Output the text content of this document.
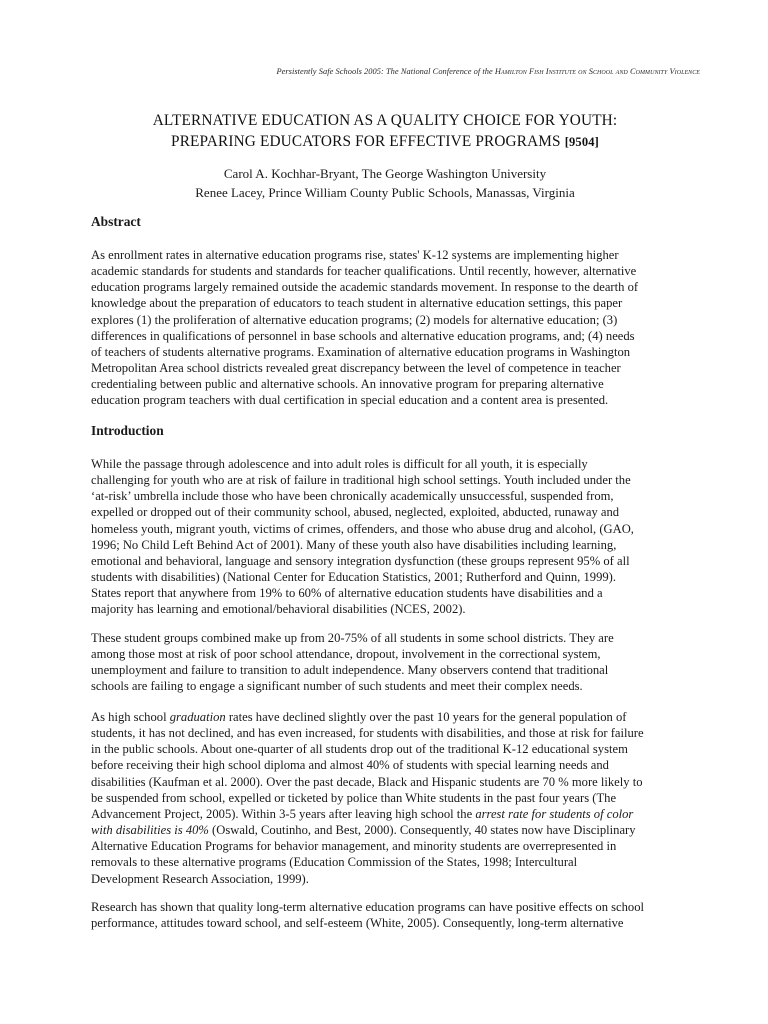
Persistently Safe Schools 2005: The National Conference of the Hamilton Fish Institute on School and Community Violence
ALTERNATIVE EDUCATION AS A QUALITY CHOICE FOR YOUTH:
PREPARING EDUCATORS FOR EFFECTIVE PROGRAMS [9504]
Carol A. Kochhar-Bryant, The George Washington University
Renee Lacey, Prince William County Public Schools, Manassas, Virginia
Abstract

As enrollment rates in alternative education programs rise, states' K-12 systems are implementing higher
academic standards for students and standards for teacher qualifications. Until recently, however, alternative
education programs largely remained outside the academic standards movement. In response to the dearth of
knowledge about the preparation of educators to teach student in alternative education settings, this paper
explores (1) the proliferation of alternative education programs; (2) models for alternative education; (3)
differences in qualifications of personnel in base schools and alternative education programs, and; (4) needs
of teachers of students alternative programs. Examination of alternative education programs in Washington
Metropolitan Area school districts revealed great discrepancy between the level of competence in teacher
credentialing between public and alternative schools. An innovative program for preparing alternative
education program teachers with dual certification in special education and a content area is presented.

Introduction

While the passage through adolescence and into adult roles is difficult for all youth, it is especially
challenging for youth who are at risk of failure in traditional high school settings. Youth included under the
‘at-risk’ umbrella include those who have been chronically academically unsuccessful, suspended from,
expelled or dropped out of their community school, abused, neglected, exploited, abducted, runaway and
homeless youth, migrant youth, victims of crimes, offenders, and those who abuse drug and alcohol, (GAO,
1996; No Child Left Behind Act of 2001). Many of these youth also have disabilities including learning,
emotional and behavioral, language and sensory integration dysfunction (these groups represent 95% of all
students with disabilities) (National Center for Education Statistics, 2001; Rutherford and Quinn, 1999).
States report that anywhere from 19% to 60% of alternative education students have disabilities and a
majority has learning and emotional/behavioral disabilities (NCES, 2002).

These student groups combined make up from 20-75% of all students in some school districts. They are
among those most at risk of poor school attendance, dropout, involvement in the correctional system,
unemployment and failure to transition to adult independence. Many observers contend that traditional
schools are failing to engage a significant number of such students and meet their complex needs.

As high school graduation rates have declined slightly over the past 10 years for the general population of
students, it has not declined, and has even increased, for students with disabilities, and those at risk for failure
in the public schools. About one-quarter of all students drop out of the traditional K-12 educational system
before receiving their high school diploma and almost 40% of students with special learning needs and
disabilities (Kaufman et al. 2000). Over the past decade, Black and Hispanic students are 70 % more likely to
be suspended from school, expelled or ticketed by police than White students in the past four years (The
Advancement Project, 2005). Within 3-5 years after leaving high school the arrest rate for students of color
with disabilities is 40% (Oswald, Coutinho, and Best, 2000). Consequently, 40 states now have Disciplinary
Alternative Education Programs for behavior management, and minority students are overrepresented in
removals to these alternative programs (Education Commission of the States, 1998; Intercultural
Development Research Association, 1999).

Research has shown that quality long-term alternative education programs can have positive effects on school
performance, attitudes toward school, and self-esteem (White, 2005). Consequently, long-term alternative
